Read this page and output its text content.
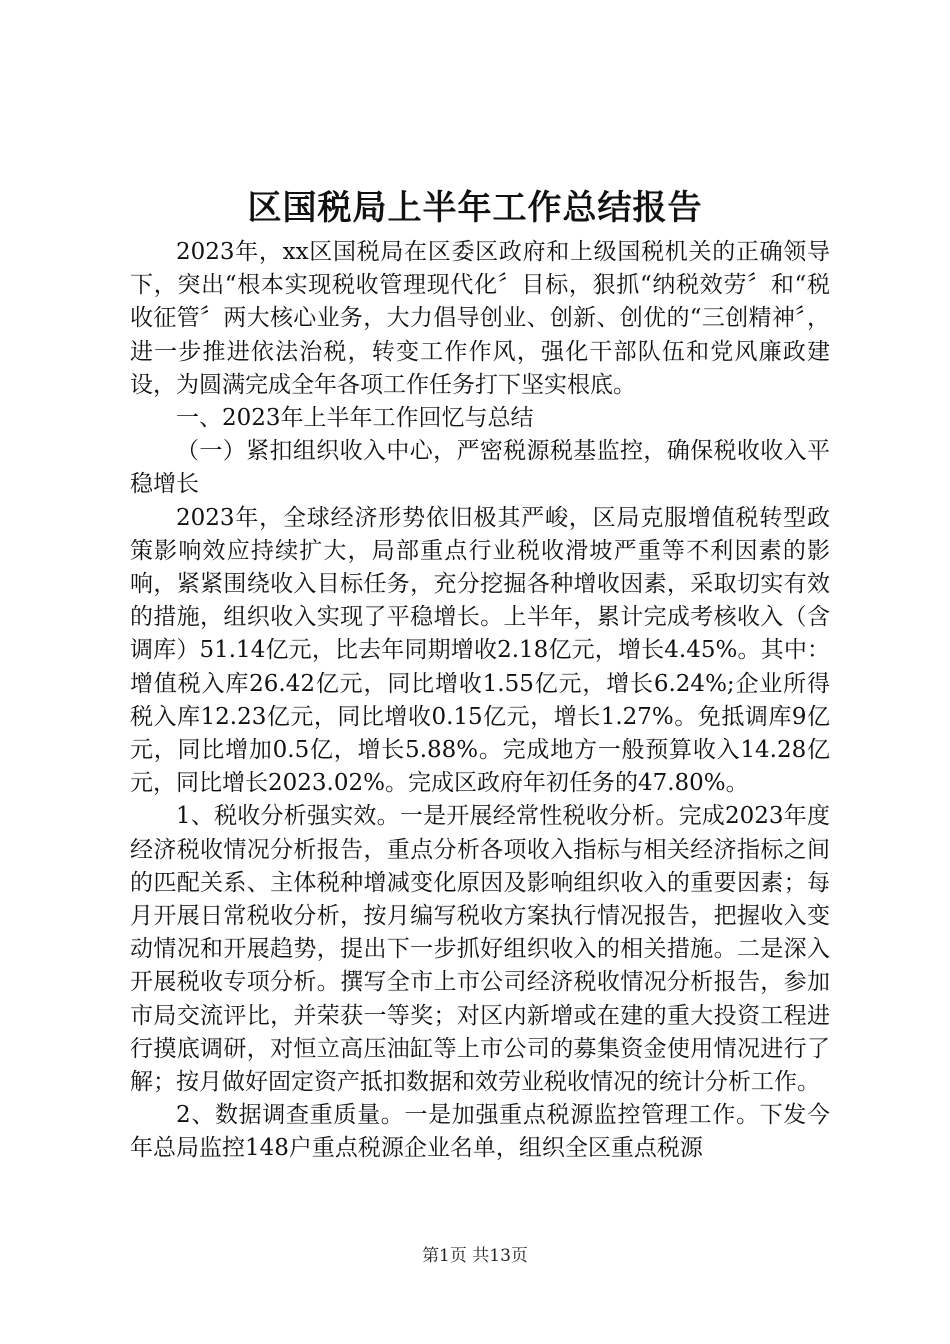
区国税局上半年工作总结报告

2023年，xx区国税局在区委区政府和上级国税机关的正确领导下，突出“根本实现税收管理现代化〞目标，狠抓“纳税效劳〞和“税收征管〞两大核心业务，大力倡导创业、创新、创优的“三创精神〞，进一步推进依法治税，转变工作作风，强化干部队伍和党风廉政建设，为圆满完成全年各项工作任务打下坚实根底。

一、2023年上半年工作回忆与总结

（一）紧扣组织收入中心，严密税源税基监控，确保税收收入平稳增长

2023年，全球经济形势依旧极其严峻，区局克服增值税转型政策影响效应持续扩大，局部重点行业税收滑坡严重等不利因素的影响，紧紧围绕收入目标任务，充分挖掘各种增收因素，采取切实有效的措施，组织收入实现了平稳增长。上半年，累计完成考核收入（含调库）51.14亿元，比去年同期增收2.18亿元，增长4.45%。其中：增值税入库26.42亿元，同比增收1.55亿元，增长6.24%;企业所得税入库12.23亿元，同比增收0.15亿元，增长1.27%。免抵调库9亿元，同比增加0.5亿，增长5.88%。完成地方一般预算收入14.28亿元，同比增长2023.02%。完成区政府年初任务的47.80%。

1、税收分析强实效。一是开展经常性税收分析。完成2023年度经济税收情况分析报告，重点分析各项收入指标与相关经济指标之间的匹配关系、主体税种增减变化原因及影响组织收入的重要因素；每月开展日常税收分析，按月编写税收方案执行情况报告，把握收入变动情况和开展趋势，提出下一步抓好组织收入的相关措施。二是深入开展税收专项分析。撰写全市上市公司经济税收情况分析报告，参加市局交流评比，并荣获一等奖；对区内新增或在建的重大投资工程进行摸底调研，对恒立高压油缸等上市公司的募集资金使用情况进行了解；按月做好固定资产抵扣数据和效劳业税收情况的统计分析工作。

2、数据调查重质量。一是加强重点税源监控管理工作。下发今年总局监控148户重点税源企业名单，组织全区重点税源

第1页 共13页
